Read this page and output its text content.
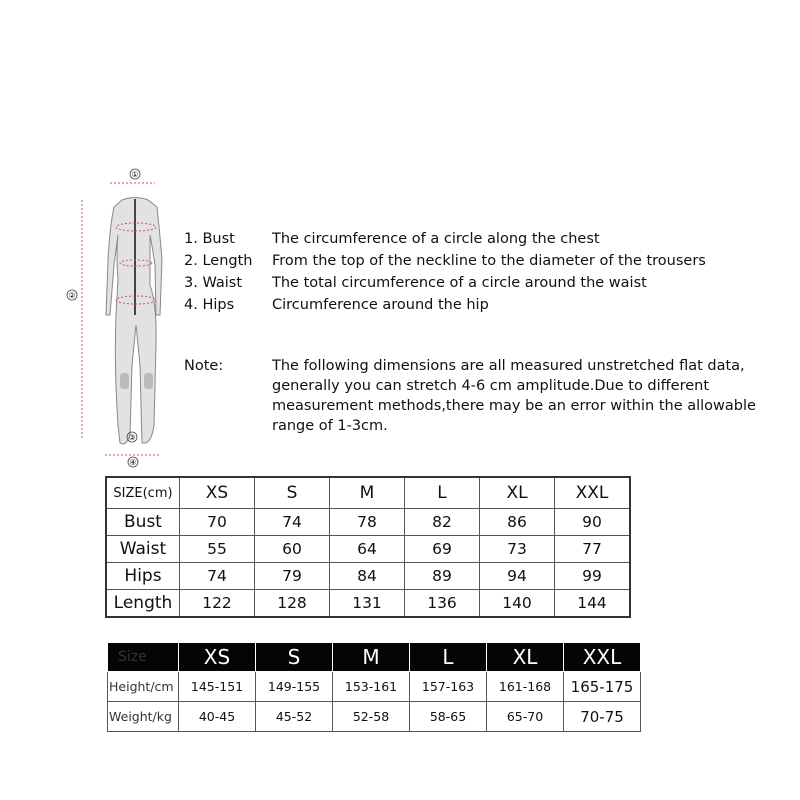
①
②
③
④
1. Bust	The circumference of a circle along the chest
2. Length	From the top of the neckline to the diameter of the trousers
3. Waist	The total circumference of a circle around the waist
4. Hips	Circumference around the hip
Note:	The following dimensions are all measured unstretched flat data,
generally you can stretch 4-6 cm amplitude.Due to different
measurement methods,there may be an error within the allowable
range of 1-3cm.
SIZE(cm)	XS	S	M	L	XL	XXL
Bust	70	74	78	82	86	90
Waist	55	60	64	69	73	77
Hips	74	79	84	89	94	99
Length	122	128	131	136	140	144
Size	XS	S	M	L	XL	XXL
Height/cm	145-151	149-155	153-161	157-163	161-168	165-175
Weight/kg	40-45	45-52	52-58	58-65	65-70	70-75
